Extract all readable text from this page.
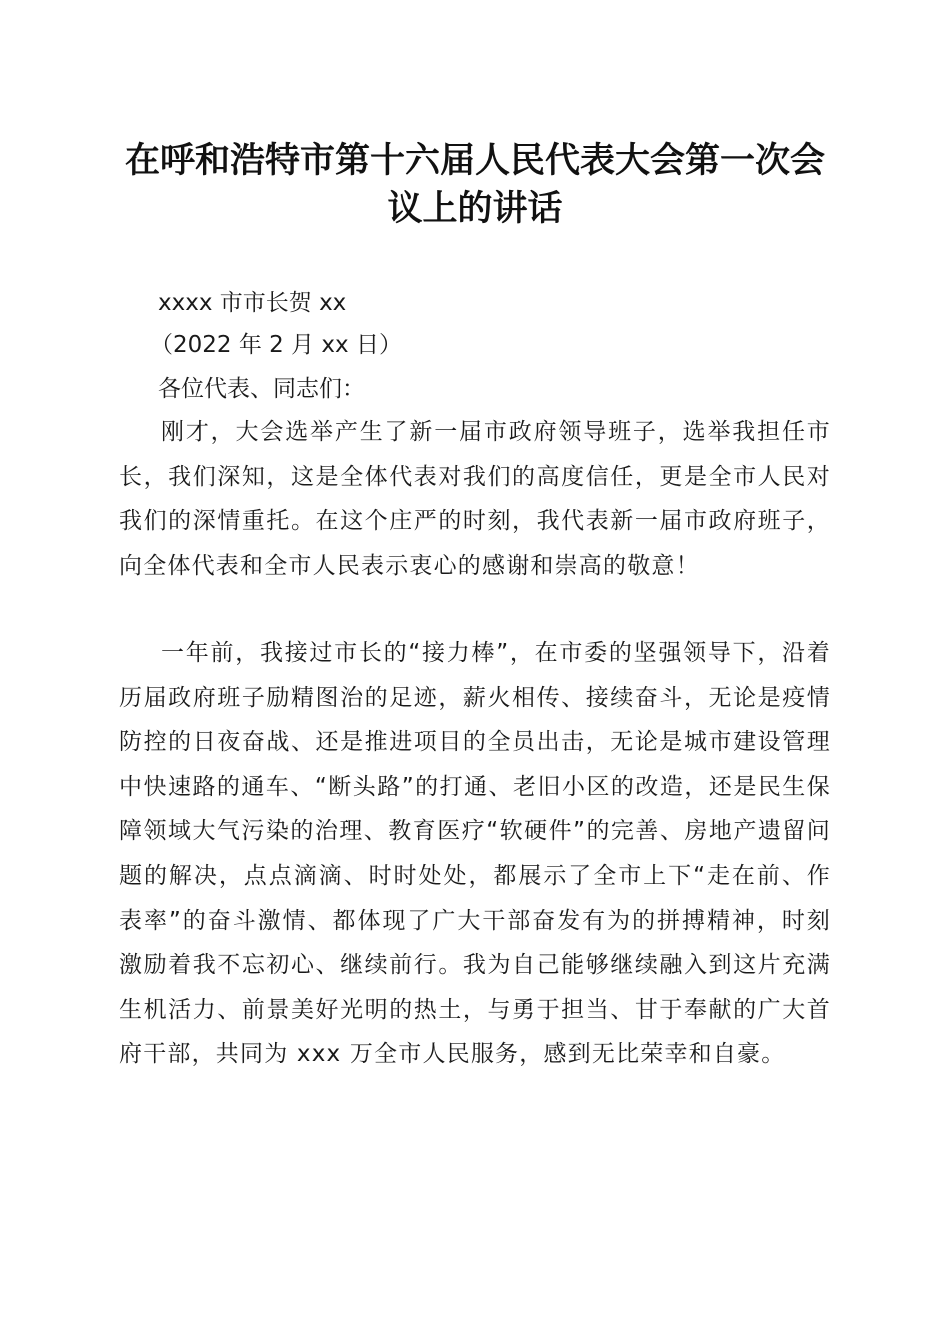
在呼和浩特市第十六届人民代表大会第一次会
议上的讲话
xxxx 市市长贺 xx
（2022 年 2 月 xx 日）
各位代表、同志们：
刚才，大会选举产生了新一届市政府领导班子，选举我担任市长，我们深知，这是全体代表对我们的高度信任，更是全市人民对我们的深情重托。在这个庄严的时刻，我代表新一届市政府班子，向全体代表和全市人民表示衷心的感谢和崇高的敬意！
一年前，我接过市长的“接力棒”，在市委的坚强领导下，沿着历届政府班子励精图治的足迹，薪火相传、接续奋斗，无论是疫情防控的日夜奋战、还是推进项目的全员出击，无论是城市建设管理中快速路的通车、“断头路”的打通、老旧小区的改造，还是民生保障领域大气污染的治理、教育医疗“软硬件”的完善、房地产遗留问题的解决，点点滴滴、时时处处，都展示了全市上下“走在前、作表率”的奋斗激情、都体现了广大干部奋发有为的拼搏精神，时刻激励着我不忘初心、继续前行。我为自己能够继续融入到这片充满生机活力、前景美好光明的热土，与勇于担当、甘于奉献的广大首府干部，共同为 xxx 万全市人民服务，感到无比荣幸和自豪。
